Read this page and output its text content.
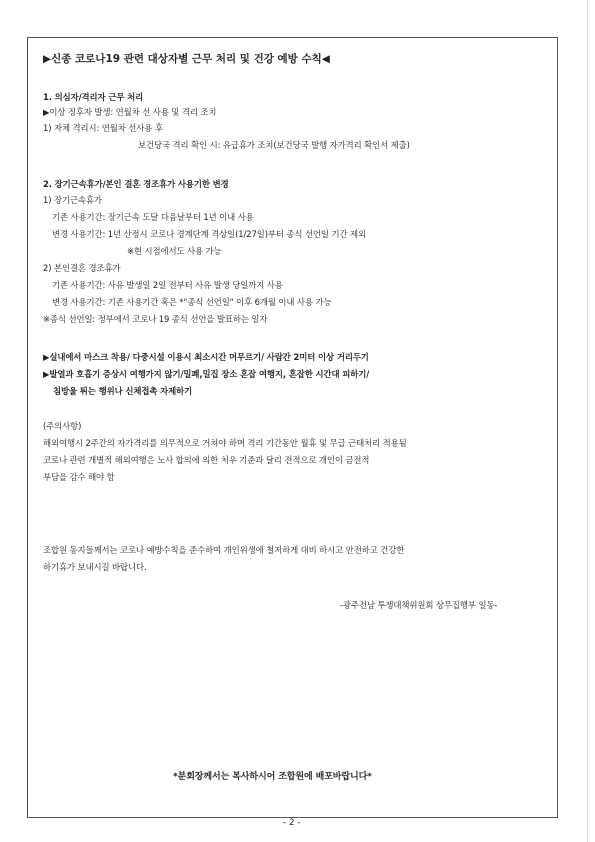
▶신종 코로나19 관련 대상자별 근무 처리 및 건강 예방 수칙◀
1. 의심자/격리자 근무 처리
▶이상 징후자 발생: 연월차 선 사용 및 격리 조치
1) 자체 격리시: 연월차 선사용 후
보건당국 격리 확인 시: 유급휴가 조치(보건당국 발행 자가격리 확인서 제출)
2. 장기근속휴가/본인 결혼 경조휴가 사용기한 변경
1) 장기근속휴가
기존 사용기간: 장기근속 도달 다음날부터 1년 이내 사용
변경 사용기간: 1년 산정시 코로나 경계단계 격상일(1/27일)부터 종식 선언일 기간 제외
※현 시점에서도 사용 가능
2) 본인결혼 경조휴가
기존 사용기간: 사유 발생일 2일 전부터 사유 발생 당일까지 사용
변경 사용기간: 기존 사용기간 혹은 *"종식 선언일" 이후 6개월 이내 사용 가능
※종식 선언일: 정부에서 코로나 19 종식 선언을 발표하는 일자
▶실내에서 마스크 착용/ 다중시설 이용시 최소시간 머무르기/ 사람간 2미터 이상 거리두기
▶발열과 호흡기 증상시 여행가지 않기/밀폐,밀집 장소 혼잡 여행지, 혼잡한 시간대 피하기/
침방울 튀는 행위나 신체접촉 자제하기
(주의사항)
해외여행시 2주간의 자가격리를 의무적으로 거쳐야 하며 격리 기간동안 월휴 및 무급 근태처리 적용됨
코로나 관련 개별적 해외여행은 노사 합의에 의한 처우 기준과 달리 전적으로 개인이 금전적
부담을 감수 해야 함
조합원 동지들께서는 코로나 예방수칙을 준수하여 개인위생에 철저하게 대비 하시고 안전하고 건강한
하기휴가 보내시길 바랍니다.
-광주전남 투쟁대책위원회 상무집행부 일동-
*분회장께서는 복사하시어 조합원에 배포바랍니다*
- 2 -
